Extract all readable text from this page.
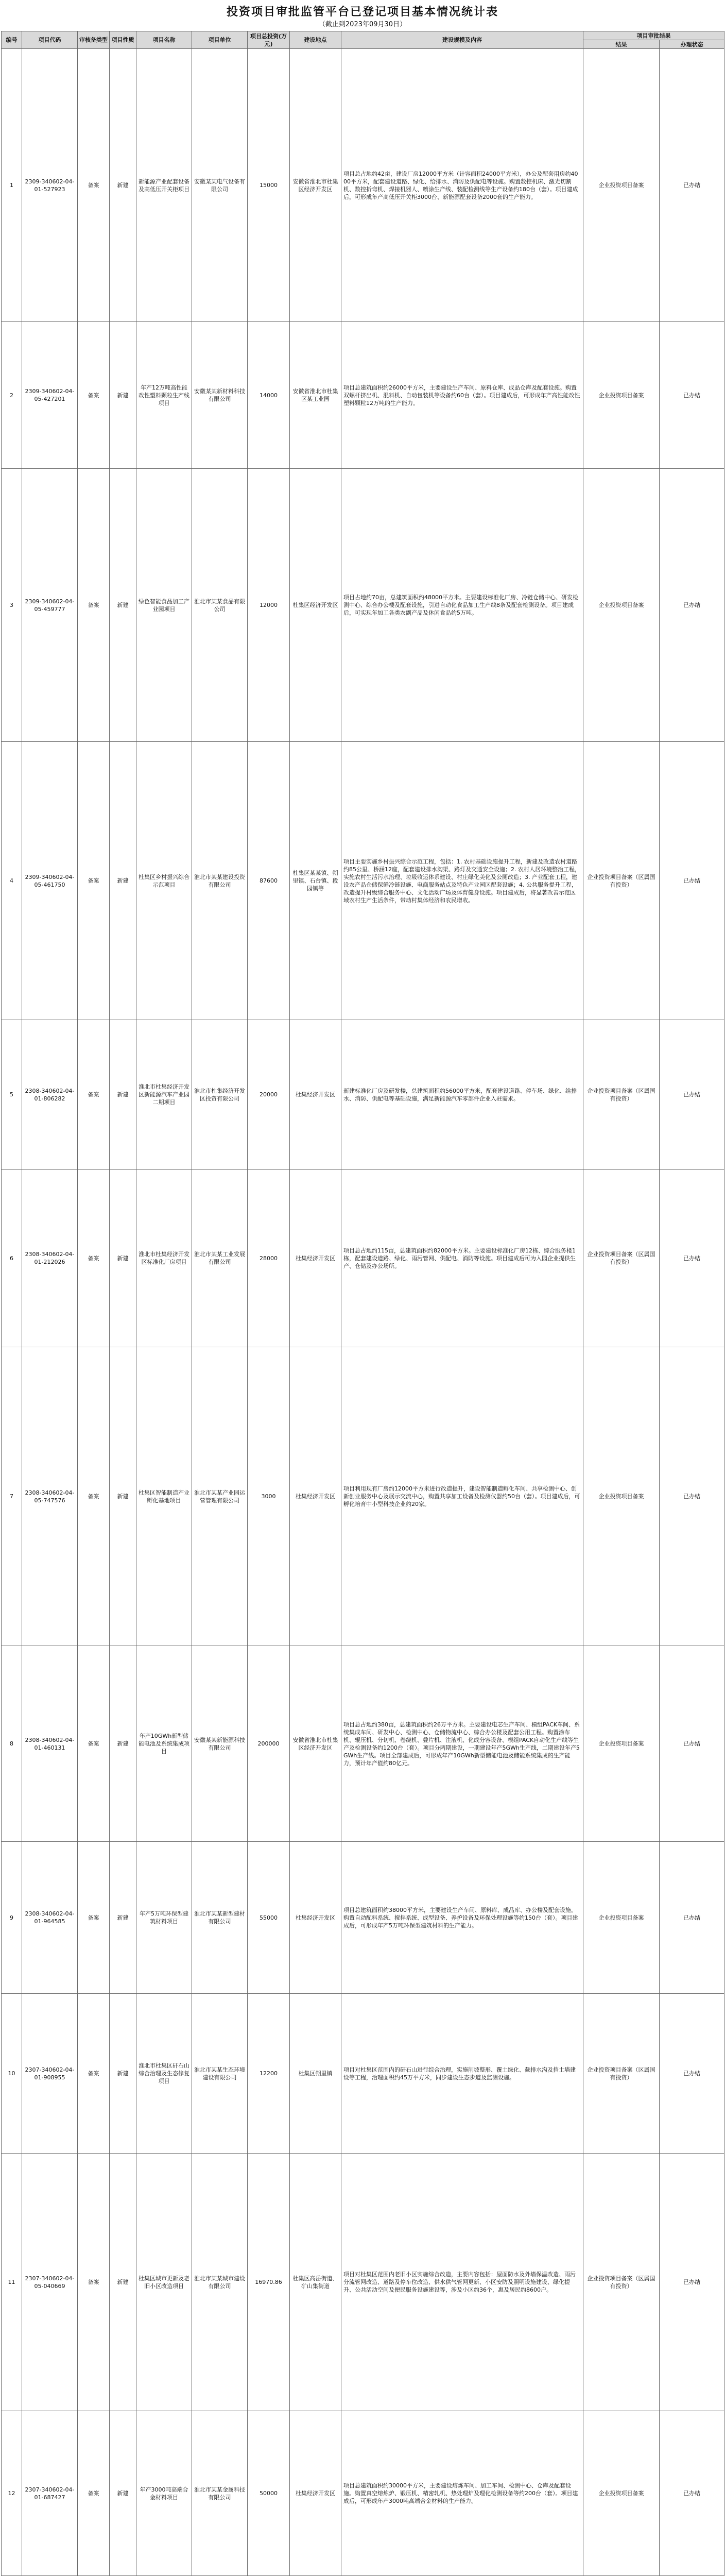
投资项目审批监管平台已登记项目基本情况统计表
（截止到2023年09月30日）
编号	项目代码	审核备类型	项目性质	项目名称	项目单位	项目总投资(万元)	建设地点	建设规模及内容	项目审批结果	
									结果	办理状态
1	2309-340602-04-01-527923	备案	新建	新能源产业配套设备及高低压开关柜项目	安徽某某电气设备有限公司	15000	安徽省淮北市杜集区经济开发区	项目总占地约42亩，建设厂房12000平方米（计容面积24000平方米），办公及配套用房约4000平方米，配套建设道路、绿化、给排水、消防及供配电等设施。购置数控机床、激光切割机、数控折弯机、焊接机器人、喷涂生产线、装配检测线等生产设备约180台（套）。项目建成后，可形成年产高低压开关柜3000台、新能源配套设备2000套的生产能力。	企业投资项目备案	已办结
2	2309-340602-04-05-427201	备案	新建	年产12万吨高性能改性塑料颗粒生产线项目	安徽某某新材料科技有限公司	14000	安徽省淮北市杜集区某工业园	项目总建筑面积约26000平方米，主要建设生产车间、原料仓库、成品仓库及配套设施。购置双螺杆挤出机、混料机、自动包装机等设备约60台（套）。项目建成后，可形成年产高性能改性塑料颗粒12万吨的生产能力。	企业投资项目备案	已办结
3	2309-340602-04-05-459777	备案	新建	绿色智能食品加工产业园项目	淮北市某某食品有限公司	12000	杜集区经济开发区	项目占地约70亩，总建筑面积约48000平方米。主要建设标准化厂房、冷链仓储中心、研发检测中心、综合办公楼及配套设施，引进自动化食品加工生产线8条及配套检测设备。项目建成后，可实现年加工各类农副产品及休闲食品约5万吨。	企业投资项目备案	已办结
4	2309-340602-04-05-461750	备案	新建	杜集区乡村振兴综合示范项目	淮北市某某建设投资有限公司	87600	杜集区某某镇、朔里镇、石台镇、段园镇等	项目主要实施乡村振兴综合示范工程，包括：1. 农村基础设施提升工程，新建及改造农村道路约85公里、桥涵12座，配套建设排水沟渠、路灯及交通安全设施；2. 农村人居环境整治工程，实施农村生活污水治理、垃圾收运体系建设、村庄绿化美化及公厕改造；3. 产业配套工程，建设农产品仓储保鲜冷链设施、电商服务站点及特色产业园区配套设施；4. 公共服务提升工程，改造提升村级综合服务中心、文化活动广场及体育健身设施。项目建成后，将显著改善示范区域农村生产生活条件，带动村集体经济和农民增收。	企业投资项目备案（区属国有投资）	已办结
5	2308-340602-04-01-806282	备案	新建	淮北市杜集经济开发区新能源汽车产业园二期项目	淮北市杜集经济开发区投资有限公司	20000	杜集经济开发区	新建标准化厂房及研发楼，总建筑面积约56000平方米，配套建设道路、停车场、绿化、给排水、消防、供配电等基础设施，满足新能源汽车零部件企业入驻需求。	企业投资项目备案（区属国有投资）	已办结
6	2308-340602-04-01-212026	备案	新建	淮北市杜集经济开发区标准化厂房项目	淮北市某某工业发展有限公司	28000	杜集经济开发区	项目总占地约115亩，总建筑面积约82000平方米。主要建设标准化厂房12栋、综合服务楼1栋，配套建设道路、绿化、雨污管网、供配电、消防等设施。项目建成后可为入园企业提供生产、仓储及办公场所。	企业投资项目备案（区属国有投资）	已办结
7	2308-340602-04-05-747576	备案	新建	杜集区智能制造产业孵化基地项目	淮北市某某产业园运营管理有限公司	3000	杜集经济开发区	项目利用现有厂房约12000平方米进行改造提升，建设智能制造孵化车间、共享检测中心、创新创业服务中心及展示交流中心，购置共享加工设备及检测仪器约50台（套）。项目建成后，可孵化培育中小型科技企业约20家。	企业投资项目备案	已办结
8	2308-340602-04-01-460131	备案	新建	年产10GWh新型储能电池及系统集成项目	安徽某某新能源科技有限公司	200000	安徽省淮北市杜集区经济开发区	项目总占地约380亩，总建筑面积约26万平方米。主要建设电芯生产车间、模组PACK车间、系统集成车间、研发中心、检测中心、仓储物流中心、综合办公楼及配套公用工程。购置涂布机、辊压机、分切机、卷绕机、叠片机、注液机、化成分容设备、模组PACK自动化生产线等生产及检测设备约1200台（套）。项目分两期建设，一期建设年产5GWh生产线，二期建设年产5GWh生产线。项目全部建成后，可形成年产10GWh新型储能电池及储能系统集成的生产能力，预计年产值约80亿元。	企业投资项目备案	已办结
9	2308-340602-04-01-964585	备案	新建	年产5万吨环保型建筑材料项目	淮北市某某新型建材有限公司	55000	杜集经济开发区	项目总建筑面积约38000平方米，主要建设生产车间、原料库、成品库、办公楼及配套设施。购置自动配料系统、搅拌系统、成型设备、养护设备及环保处理设施等约150台（套）。项目建成后，可形成年产5万吨环保型建筑材料的生产能力。	企业投资项目备案	已办结
10	2307-340602-04-01-908955	备案	新建	淮北市杜集区矸石山综合治理及生态修复项目	淮北市某某生态环境建设有限公司	12200	杜集区朔里镇	项目对杜集区范围内的矸石山进行综合治理，实施削坡整形、覆土绿化、截排水沟及挡土墙建设等工程，治理面积约45万平方米，同步建设生态步道及监测设施。	企业投资项目备案（区属国有投资）	已办结
11	2307-340602-04-05-040669	备案	新建	杜集区城市更新及老旧小区改造项目	淮北市某某城市建设有限公司	16970.86	杜集区高岳街道、矿山集街道	项目对杜集区范围内老旧小区实施综合改造，主要内容包括：屋面防水及外墙保温改造、雨污分流管网改造、道路及停车位改造、供水供气管网更新、小区安防及照明设施建设、绿化提升、公共活动空间及便民服务设施建设等，涉及小区约36个，惠及居民约8600户。	企业投资项目备案（区属国有投资）	已办结
12	2307-340602-04-01-687427	备案	新建	年产3000吨高端合金材料项目	淮北市某某金属科技有限公司	50000	杜集经济开发区	项目总建筑面积约30000平方米，主要建设熔炼车间、加工车间、检测中心、仓库及配套设施。购置真空熔炼炉、锻压机、精密轧机、热处理炉及理化检测设备等约200台（套）。项目建成后，可形成年产3000吨高端合金材料的生产能力。	企业投资项目备案	已办结
